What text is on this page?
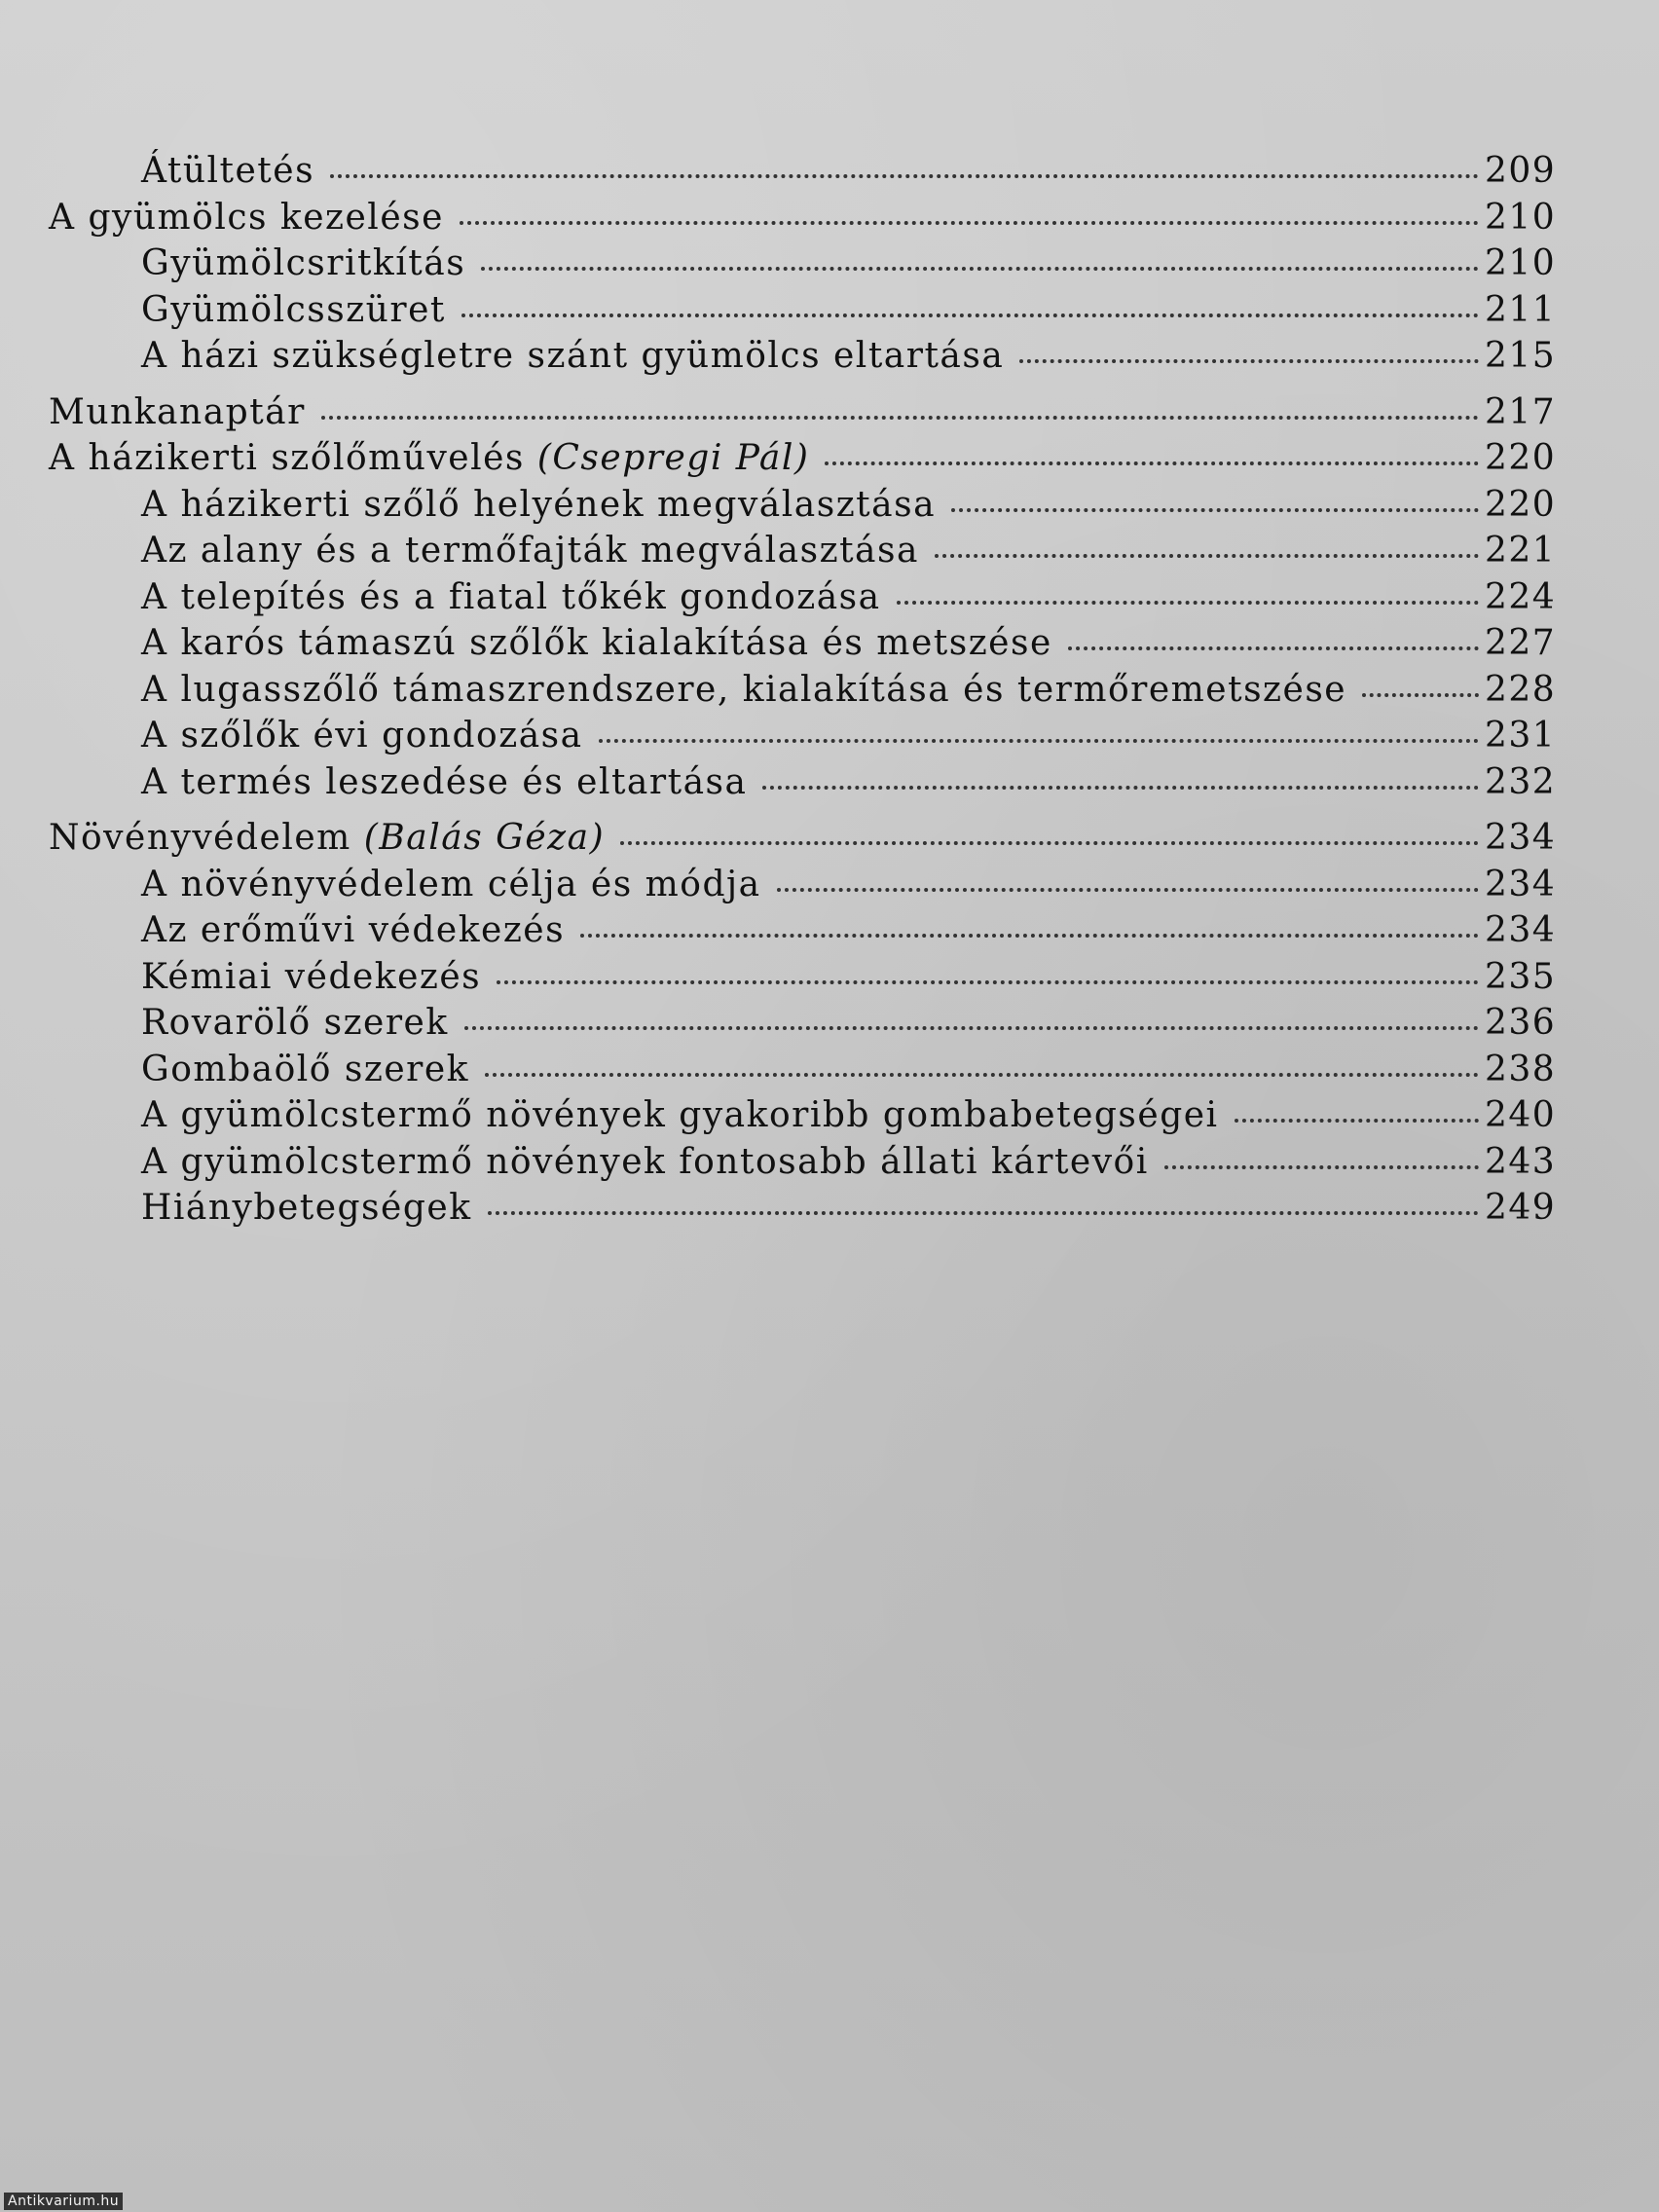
Átültetés	209
A gyümölcs kezelése	210
Gyümölcsritkítás	210
Gyümölcsszüret	211
A házi szükségletre szánt gyümölcs eltartása	215
Munkanaptár	217
A házikerti szőlőművelés (Csepregi Pál)	220
A házikerti szőlő helyének megválasztása	220
Az alany és a termőfajták megválasztása	221
A telepítés és a fiatal tőkék gondozása	224
A karós támaszú szőlők kialakítása és metszése	227
A lugasszőlő támaszrendszere, kialakítása és termőremetszése	228
A szőlők évi gondozása	231
A termés leszedése és eltartása	232
Növényvédelem (Balás Géza)	234
A növényvédelem célja és módja	234
Az erőművi védekezés	234
Kémiai védekezés	235
Rovarölő szerek	236
Gombaölő szerek	238
A gyümölcstermő növények gyakoribb gombabetegségei	240
A gyümölcstermő növények fontosabb állati kártevői	243
Hiánybetegségek	249
Antikvarium.hu
